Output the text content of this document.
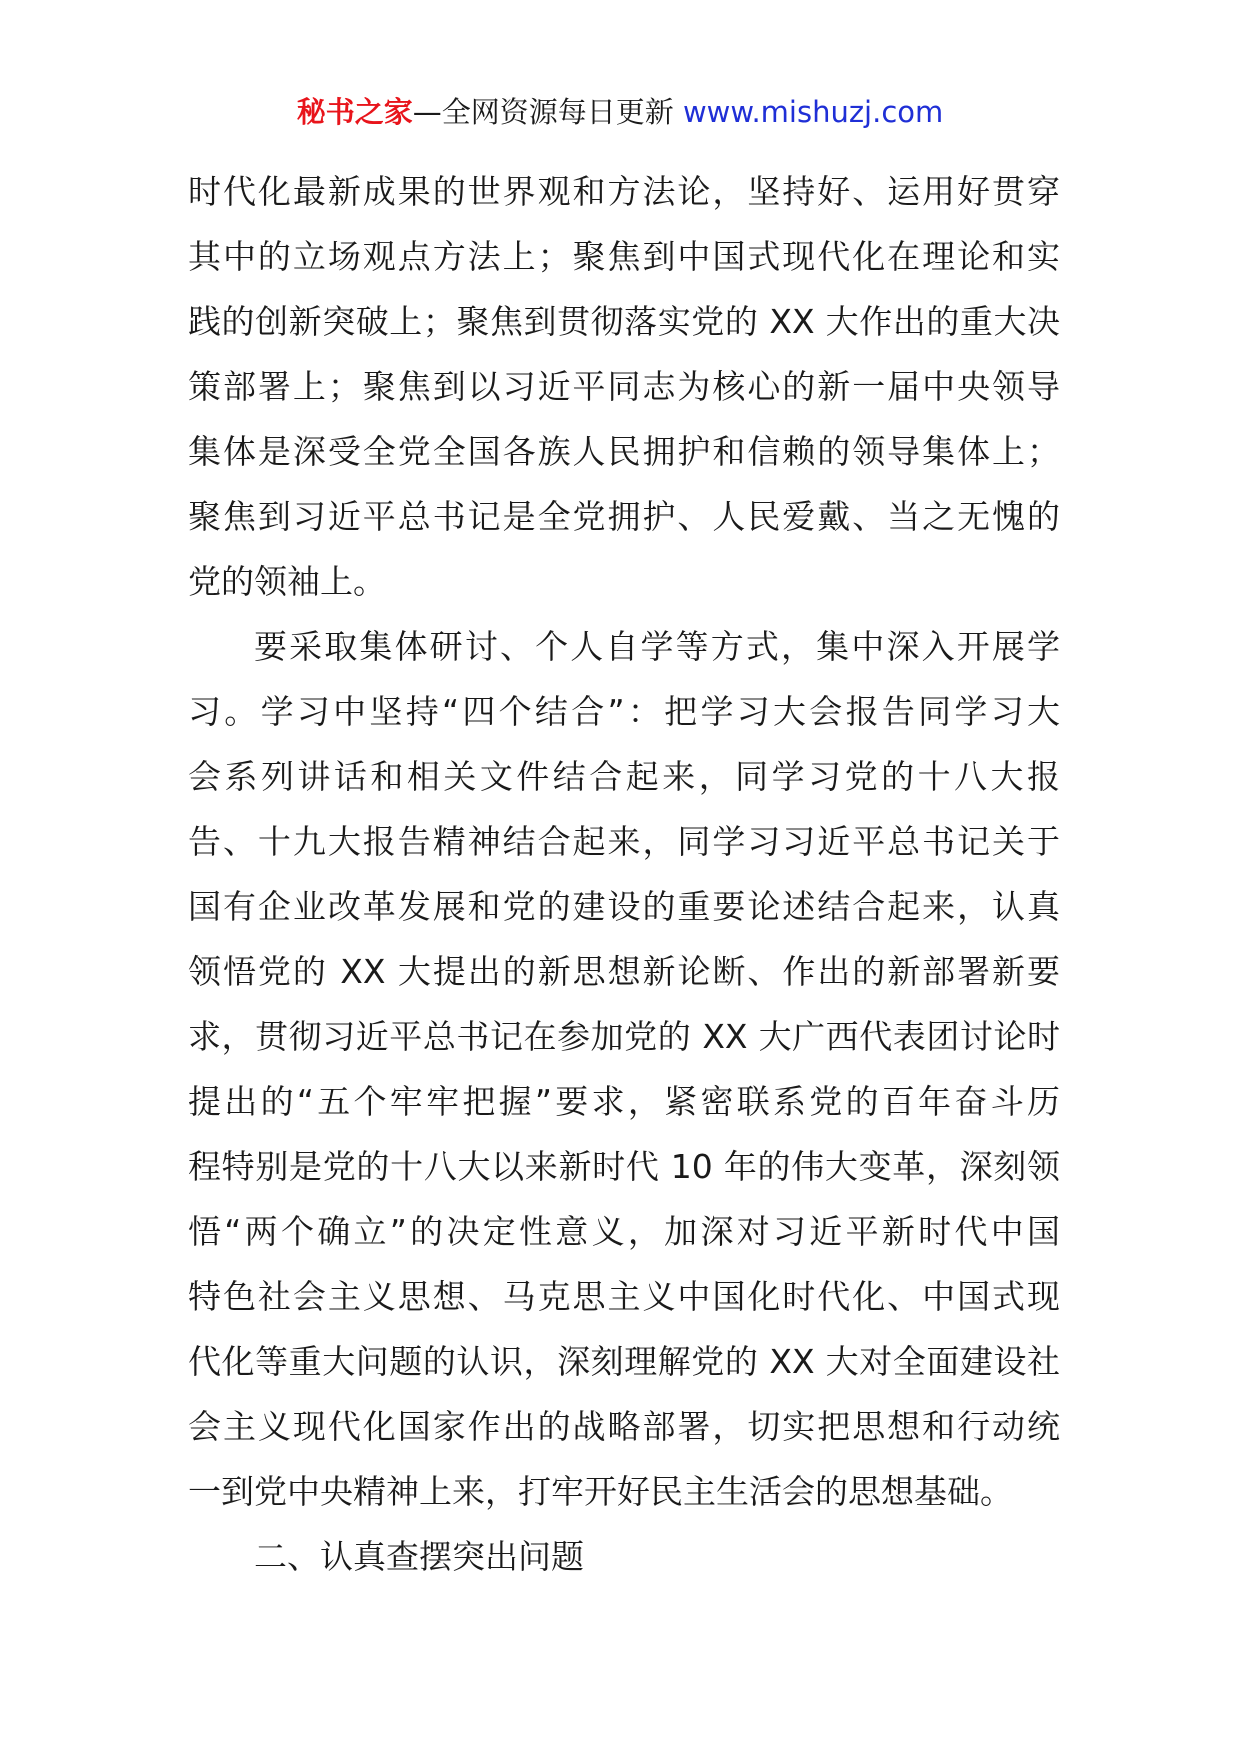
秘书之家—全网资源每日更新 www.mishuzj.com
时代化最新成果的世界观和方法论，坚持好、运用好贯穿
其中的立场观点方法上；聚焦到中国式现代化在理论和实
践的创新突破上；聚焦到贯彻落实党的 XX 大作出的重大决
策部署上；聚焦到以习近平同志为核心的新一届中央领导
集体是深受全党全国各族人民拥护和信赖的领导集体上；
聚焦到习近平总书记是全党拥护、人民爱戴、当之无愧的
党的领袖上。
要采取集体研讨、个人自学等方式，集中深入开展学
习。学习中坚持“四个结合”：把学习大会报告同学习大
会系列讲话和相关文件结合起来，同学习党的十八大报
告、十九大报告精神结合起来，同学习习近平总书记关于
国有企业改革发展和党的建设的重要论述结合起来，认真
领悟党的 XX 大提出的新思想新论断、作出的新部署新要
求，贯彻习近平总书记在参加党的 XX 大广西代表团讨论时
提出的“五个牢牢把握”要求，紧密联系党的百年奋斗历
程特别是党的十八大以来新时代 10 年的伟大变革，深刻领
悟“两个确立”的决定性意义，加深对习近平新时代中国
特色社会主义思想、马克思主义中国化时代化、中国式现
代化等重大问题的认识，深刻理解党的 XX 大对全面建设社
会主义现代化国家作出的战略部署，切实把思想和行动统
一到党中央精神上来，打牢开好民主生活会的思想基础。
二、认真查摆突出问题
